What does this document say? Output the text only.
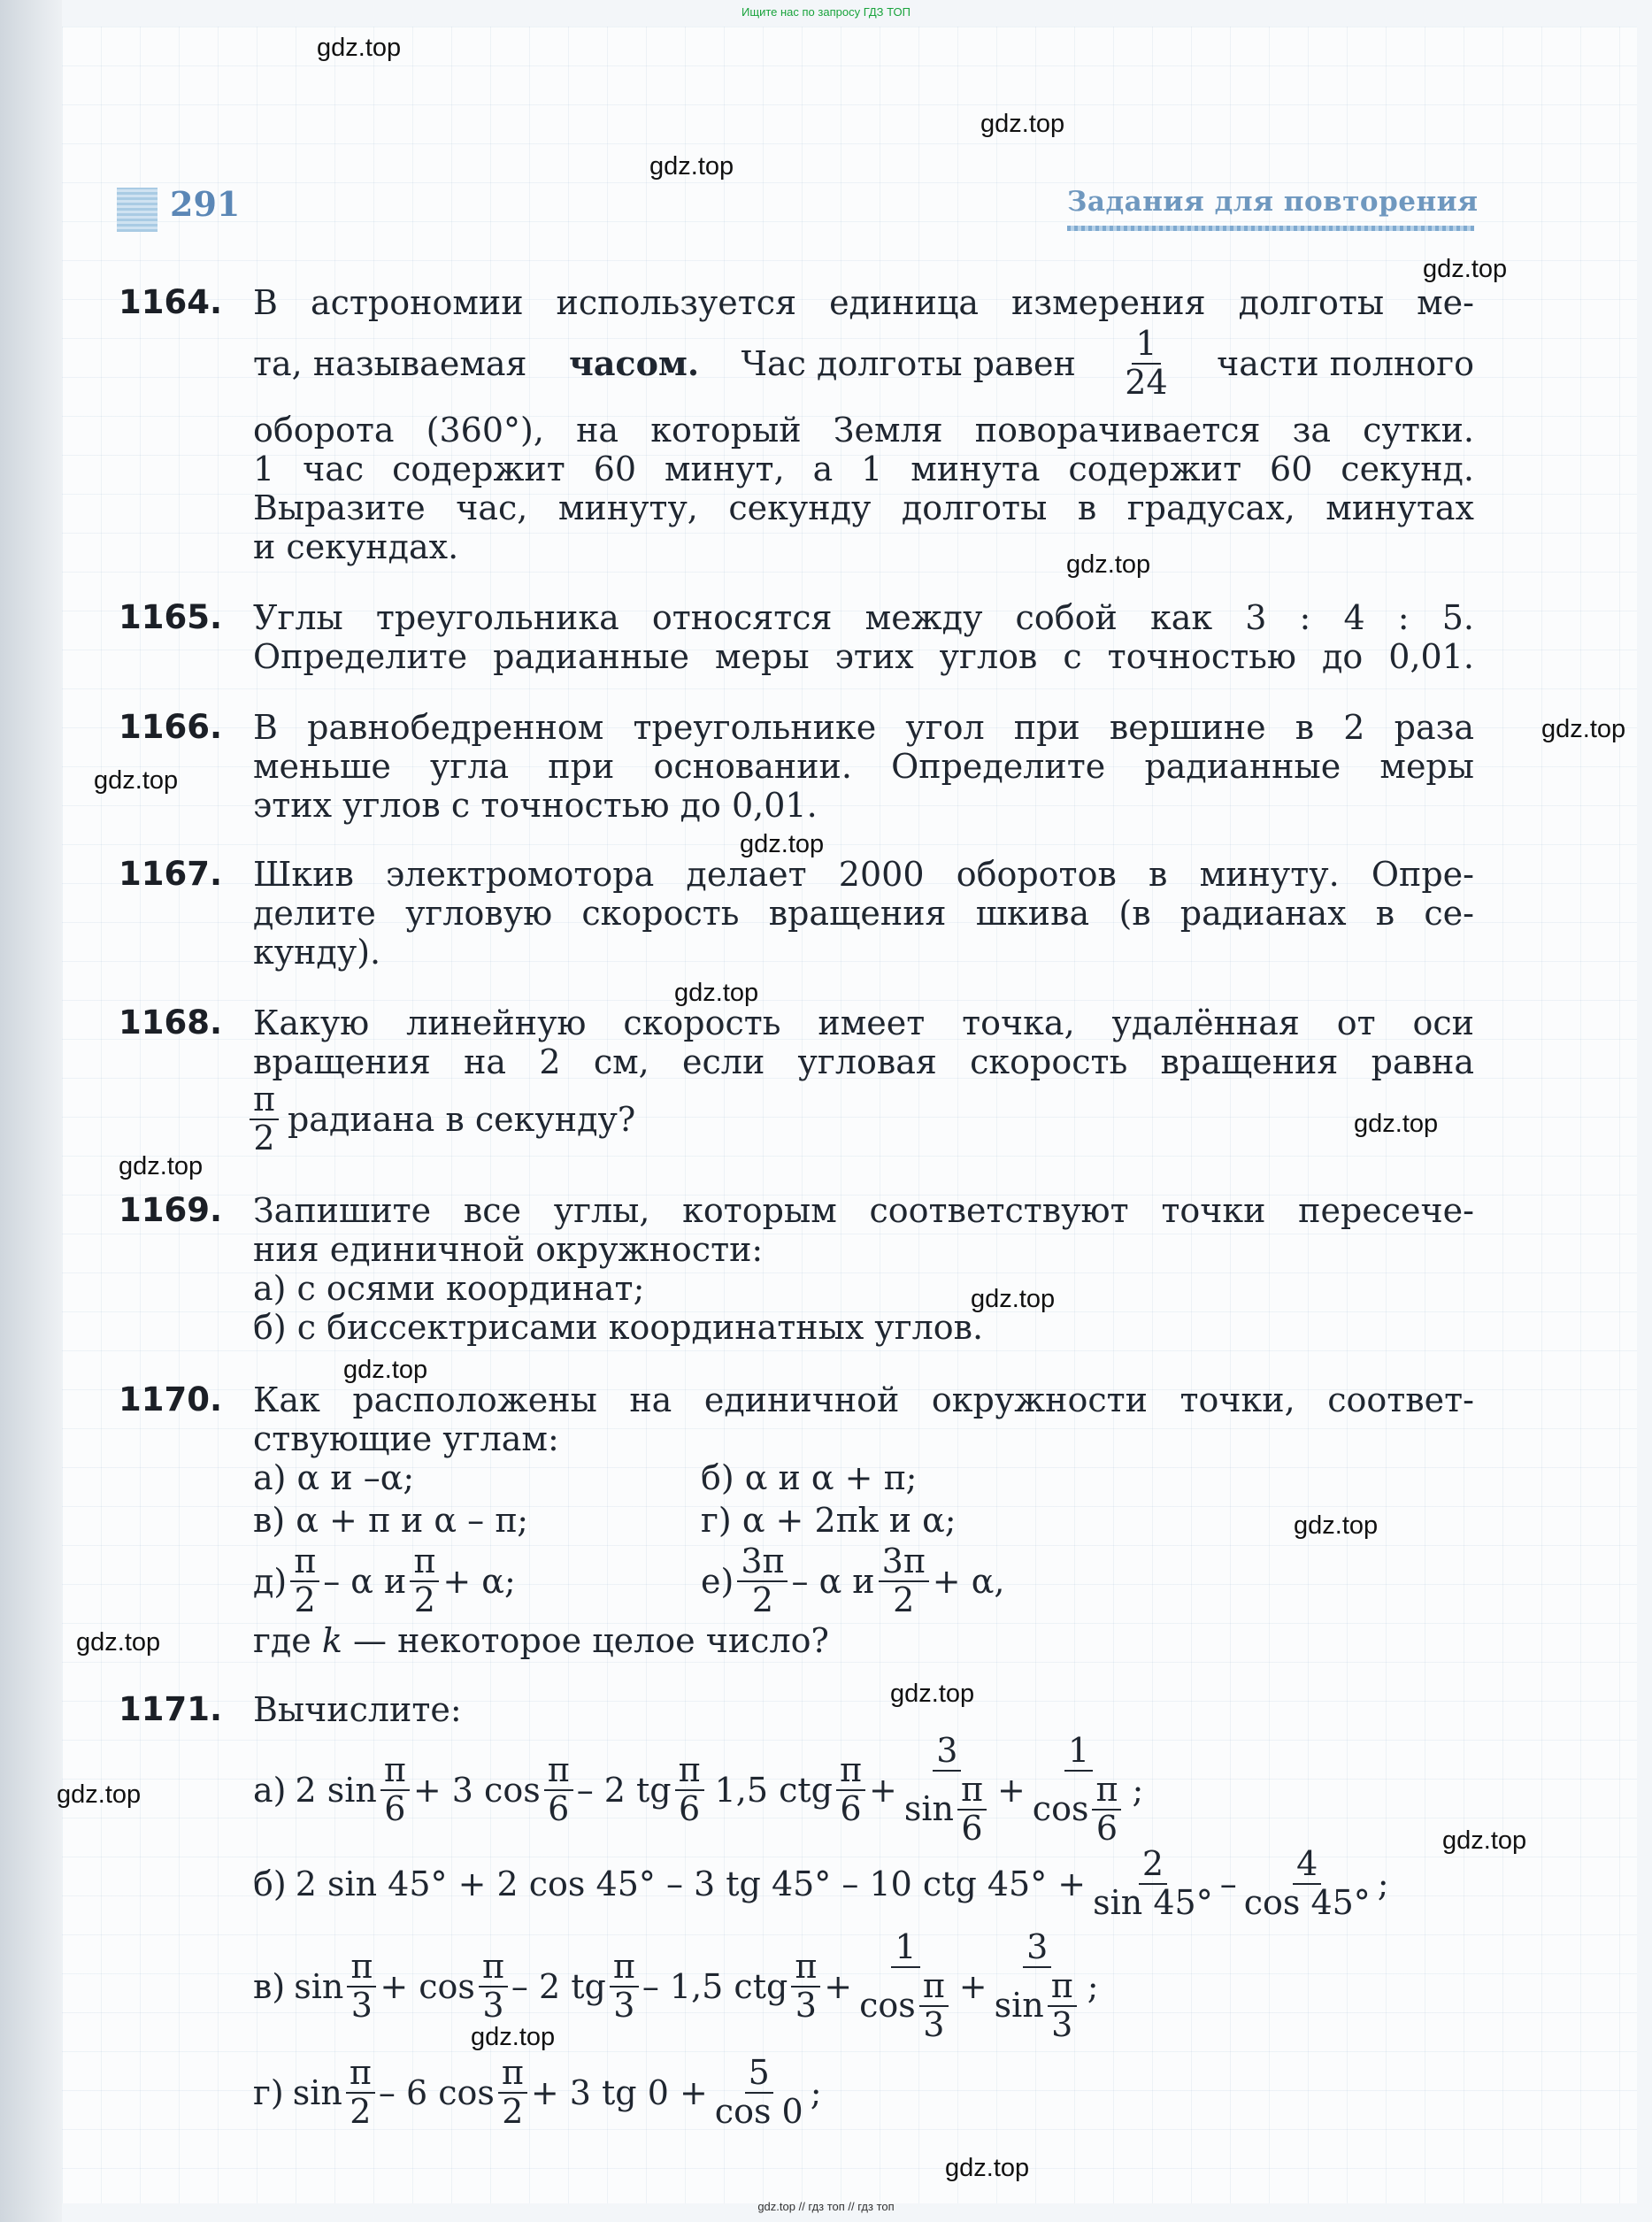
Ищите нас по запросу ГДЗ ТОП
gdz.top // гдз топ // гдз топ
291	Задания для повторения
gdz.top
gdz.top
gdz.top
gdz.top
gdz.top
gdz.top
gdz.top
gdz.top
gdz.top
gdz.top
gdz.top
gdz.top
gdz.top
gdz.top
gdz.top
gdz.top
gdz.top
gdz.top
gdz.top
gdz.top
1164. В астрономии используется единица измерения долготы ме-
та, называемая часом. Час долготы равен $\frac{1}{24}$ части полного
оборота (360°), на который Земля поворачивается за сутки.
1 час содержит 60 минут, а 1 минута содержит 60 секунд.
Выразите час, минуту, секунду долготы в градусах, минутах
и секундах.
1165. Углы треугольника относятся между собой как 3 : 4 : 5.
Определите радианные меры этих углов с точностью до 0,01.
1166. В равнобедренном треугольнике угол при вершине в 2 раза
меньше угла при основании. Определите радианные меры
этих углов с точностью до 0,01.
1167. Шкив электромотора делает 2000 оборотов в минуту. Опре-
делите угловую скорость вращения шкива (в радианах в се-
кунду).
1168. Какую линейную скорость имеет точка, удалённая от оси
вращения на 2 см, если угловая скорость вращения равна
$\frac{\pi}{2}$ радиана в секунду?
1169. Запишите все углы, которым соответствуют точки пересече-
ния единичной окружности:
а) с осями координат;
б) с биссектрисами координатных углов.
1170. Как расположены на единичной окружности точки, соответ-
ствующие углам:
а) α и –α;	б) α и α + π;
в) α + π и α – π;	г) α + 2πk и α;
$д) \frac{\pi}{2}$ – α и $\frac{\pi}{2} + \alpha$;	$е) \frac{3\pi}{2}$ – α и $\frac{3\pi}{2} + \alpha$,
где k — некоторое целое число?
1171. Вычислите:
а) 2 $\sin \frac{\pi}{6} + 3$ $\cos \frac{\pi}{6} - 2$ tg $\frac{\pi}{6} 1,5$ ctg $\frac{\pi}{6} + \frac{3}{\sin \frac{\pi}{6}} + \frac{1}{\cos \frac{\pi}{6}}$ ;
б) 2 sin 45° + 2 cos 45° – 3 tg 45° – 10 ctg $45^\circ + \frac{2}{\sin 45^\circ} - \frac{4}{\cos 45^\circ}$ ;
в) $\sin \frac{\pi}{3} + \cos \frac{\pi}{3} - 2$ tg $\frac{\pi}{3} - 1,5$ ctg $\frac{\pi}{3} + \frac{1}{\cos \frac{\pi}{3}} + \frac{3}{\sin \frac{\pi}{3}}$ ;
г) $\sin \frac{\pi}{2} - 6$ $\cos \frac{\pi}{2} + 3$ tg $0 + \frac{5}{\cos 0}$ ;
